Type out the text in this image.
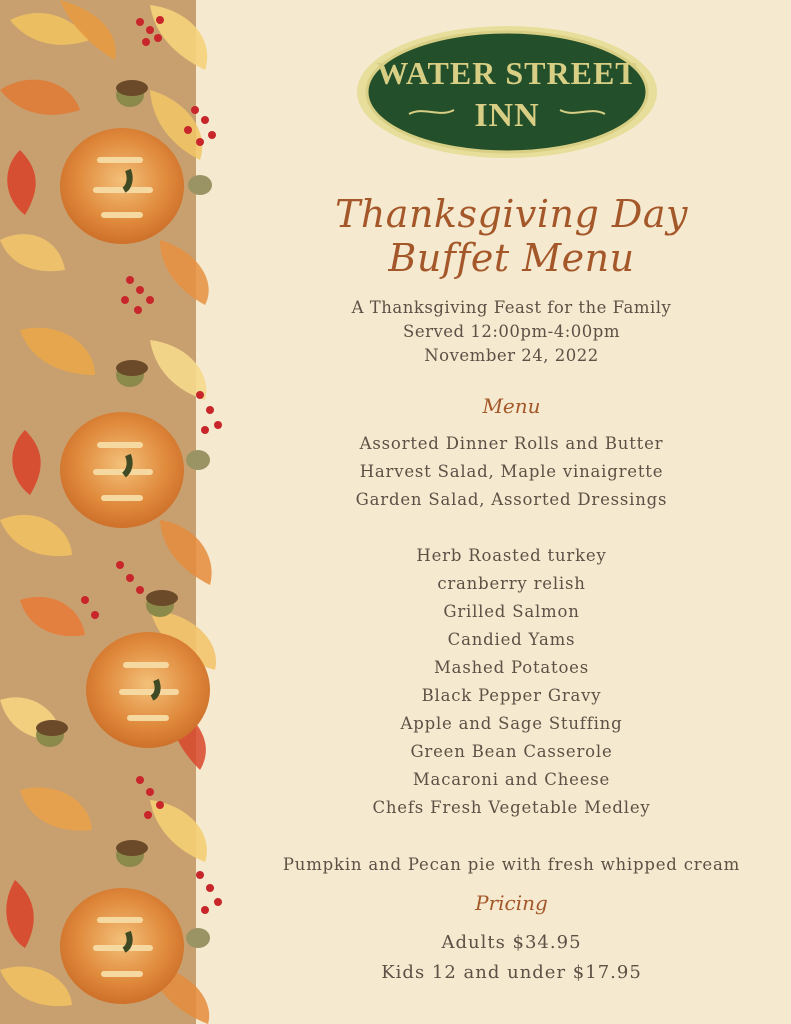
WATER STREET
INN
Est. 1890
Thanksgiving Day
Buffet Menu
A Thanksgiving Feast for the Family
Served 12:00pm-4:00pm
November 24, 2022
Menu
Assorted Dinner Rolls and Butter
Harvest Salad, Maple vinaigrette
Garden Salad, Assorted Dressings
Herb Roasted turkey
cranberry relish
Grilled Salmon
Candied Yams
Mashed Potatoes
Black Pepper Gravy
Apple and Sage Stuffing
Green Bean Casserole
Macaroni and Cheese
Chefs Fresh Vegetable Medley
Pumpkin and Pecan pie with fresh whipped cream
Pricing
Adults $34.95
Kids 12 and under $17.95
